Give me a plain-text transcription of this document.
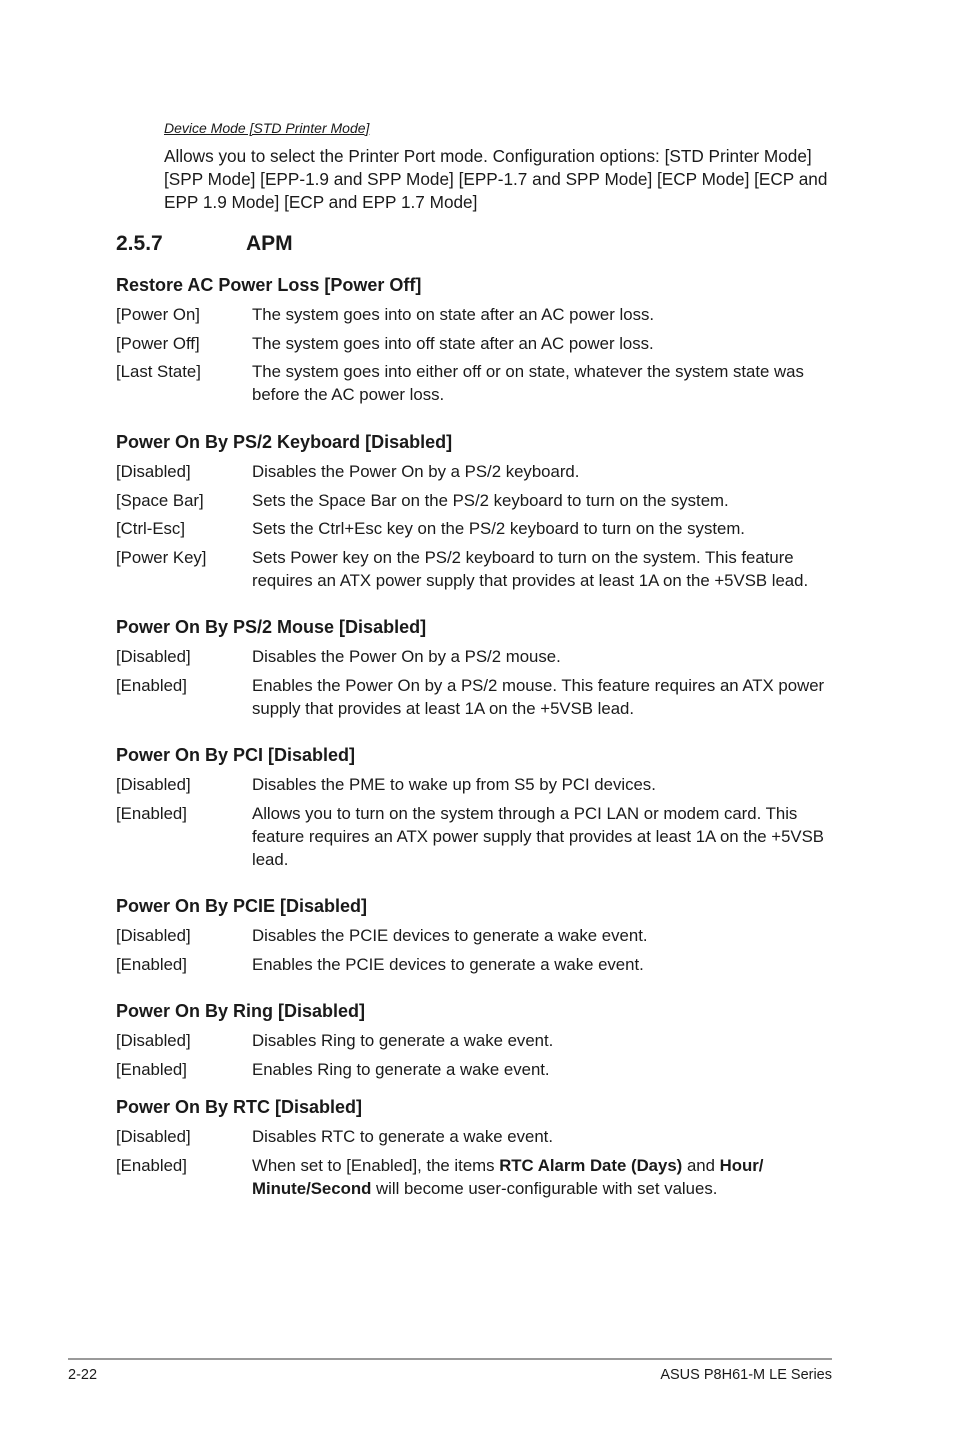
Device Mode [STD Printer Mode]
Allows you to select the Printer Port mode. Configuration options: [STD Printer Mode] [SPP Mode] [EPP-1.9 and SPP Mode] [EPP-1.7 and SPP Mode] [ECP Mode] [ECP and EPP 1.9 Mode] [ECP and EPP 1.7 Mode]
2.5.7	APM
Restore AC Power Loss [Power Off]
[Power On]	The system goes into on state after an AC power loss.
[Power Off]	The system goes into off state after an AC power loss.
[Last State]	The system goes into either off or on state, whatever the system state was before the AC power loss.
Power On By PS/2 Keyboard [Disabled]
[Disabled]	Disables the Power On by a PS/2 keyboard.
[Space Bar]	Sets the Space Bar on the PS/2 keyboard to turn on the system.
[Ctrl-Esc]	Sets the Ctrl+Esc key on the PS/2 keyboard to turn on the system.
[Power Key]	Sets Power key on the PS/2 keyboard to turn on the system. This feature requires an ATX power supply that provides at least 1A on the +5VSB lead.
Power On By PS/2 Mouse [Disabled]
[Disabled]	Disables the Power On by a PS/2 mouse.
[Enabled]	Enables the Power On by a PS/2 mouse. This feature requires an ATX power supply that provides at least 1A on the +5VSB lead.
Power On By PCI [Disabled]
[Disabled]	Disables the PME to wake up from S5 by PCI devices.
[Enabled]	Allows you to turn on the system through a PCI LAN or modem card. This feature requires an ATX power supply that provides at least 1A on the +5VSB lead.
Power On By PCIE [Disabled]
[Disabled]	Disables the PCIE devices to generate a wake event.
[Enabled]	Enables the PCIE devices to generate a wake event.
Power On By Ring [Disabled]
[Disabled]	Disables Ring to generate a wake event.
[Enabled]	Enables Ring to generate a wake event.
Power On By RTC [Disabled]
[Disabled]	Disables RTC to generate a wake event.
[Enabled]	When set to [Enabled], the items RTC Alarm Date (Days) and Hour/ Minute/Second will become user-configurable with set values.
2-22	ASUS P8H61-M LE Series
